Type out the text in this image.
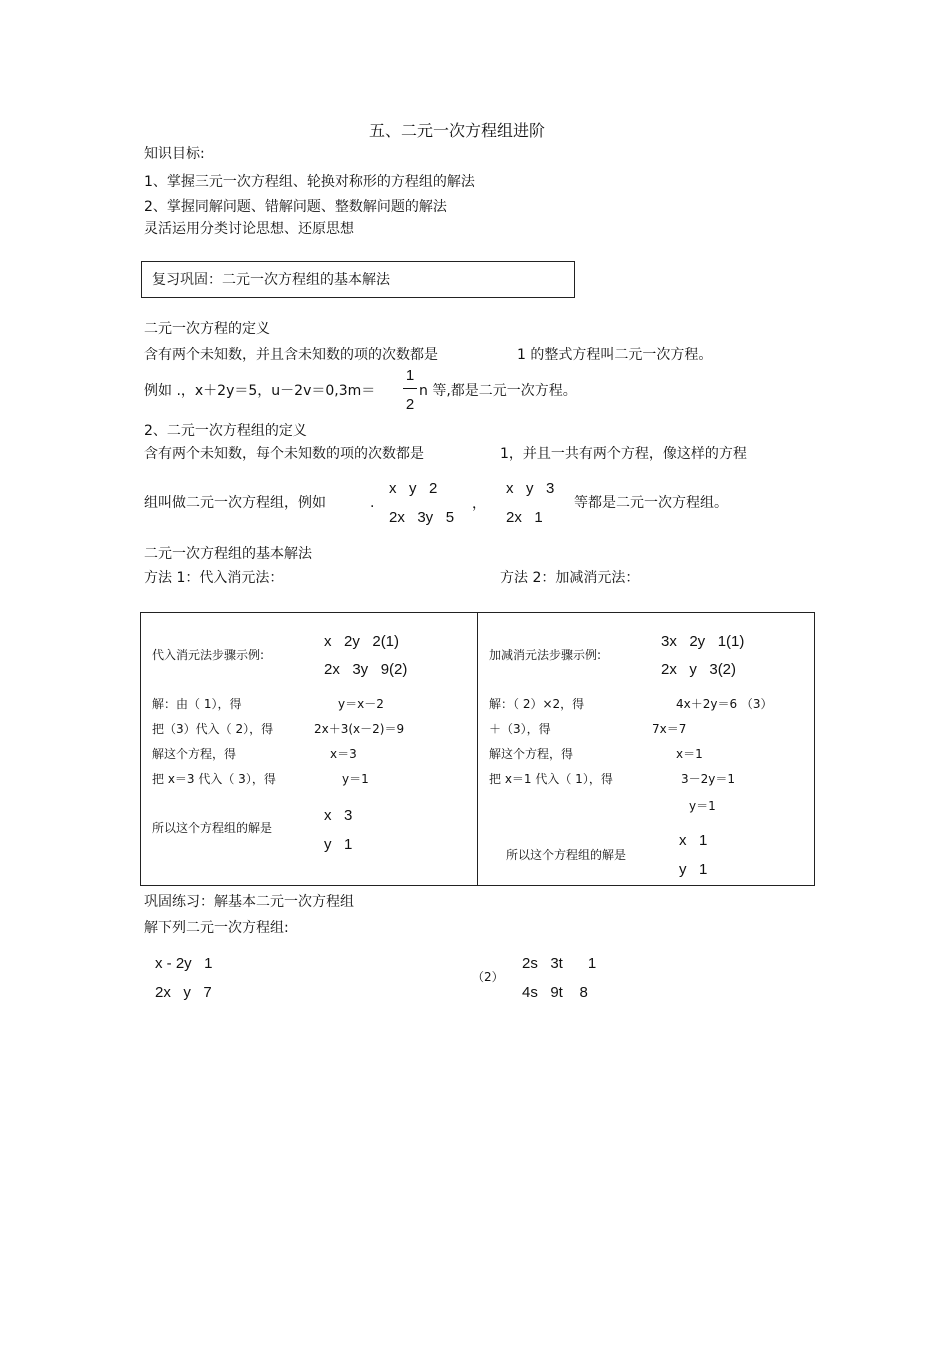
五、二元一次方程组进阶
知识目标:
1、掌握三元一次方程组、轮换对称形的方程组的解法
2、掌握同解问题、错解问题、整数解问题的解法
灵活运用分类讨论思想、还原思想
复习巩固：二元一次方程组的基本解法
二元一次方程的定义
含有两个未知数，并且含未知数的项的次数都是	1 的整式方程叫二元一次方程。
例如 .，x＋2y＝5，u－2v＝0,3m＝
1
2
n 等,都是二元一次方程。
2、二元一次方程组的定义
含有两个未知数，每个未知数的项的次数都是	1，并且一共有两个方程，像这样的方程
组叫做二元一次方程组，例如	.
x   y   2
2x   3y   5
，
x   y   3
2x   1
等都是二元一次方程组。
二元一次方程组的基本解法
方法 1：代入消元法：	方法 2：加减消元法：
代入消元法步骤示例:
x   2y   2(1)
2x   3y   9(2)
解：由（ 1），得	y＝x－2
把（3）代入（ 2），得	2x＋3(x－2)＝9
解这个方程，得	x＝3
把 x＝3 代入（ 3），得	y＝1
所以这个方程组的解是
x   3
y   1
加减消元法步骤示例:
3x   2y   1(1)
2x   y   3(2)
解：（ 2）×2，得	4x＋2y＝6 （3）
＋（3），得	7x＝7
解这个方程，得	x＝1
把 x＝1 代入（ 1），得	3－2y＝1
y＝1
所以这个方程组的解是
x   1
y   1
巩固练习：解基本二元一次方程组
解下列二元一次方程组:
x - 2y   1
2x   y   7
（2）
2s   3t      1
4s   9t    8
